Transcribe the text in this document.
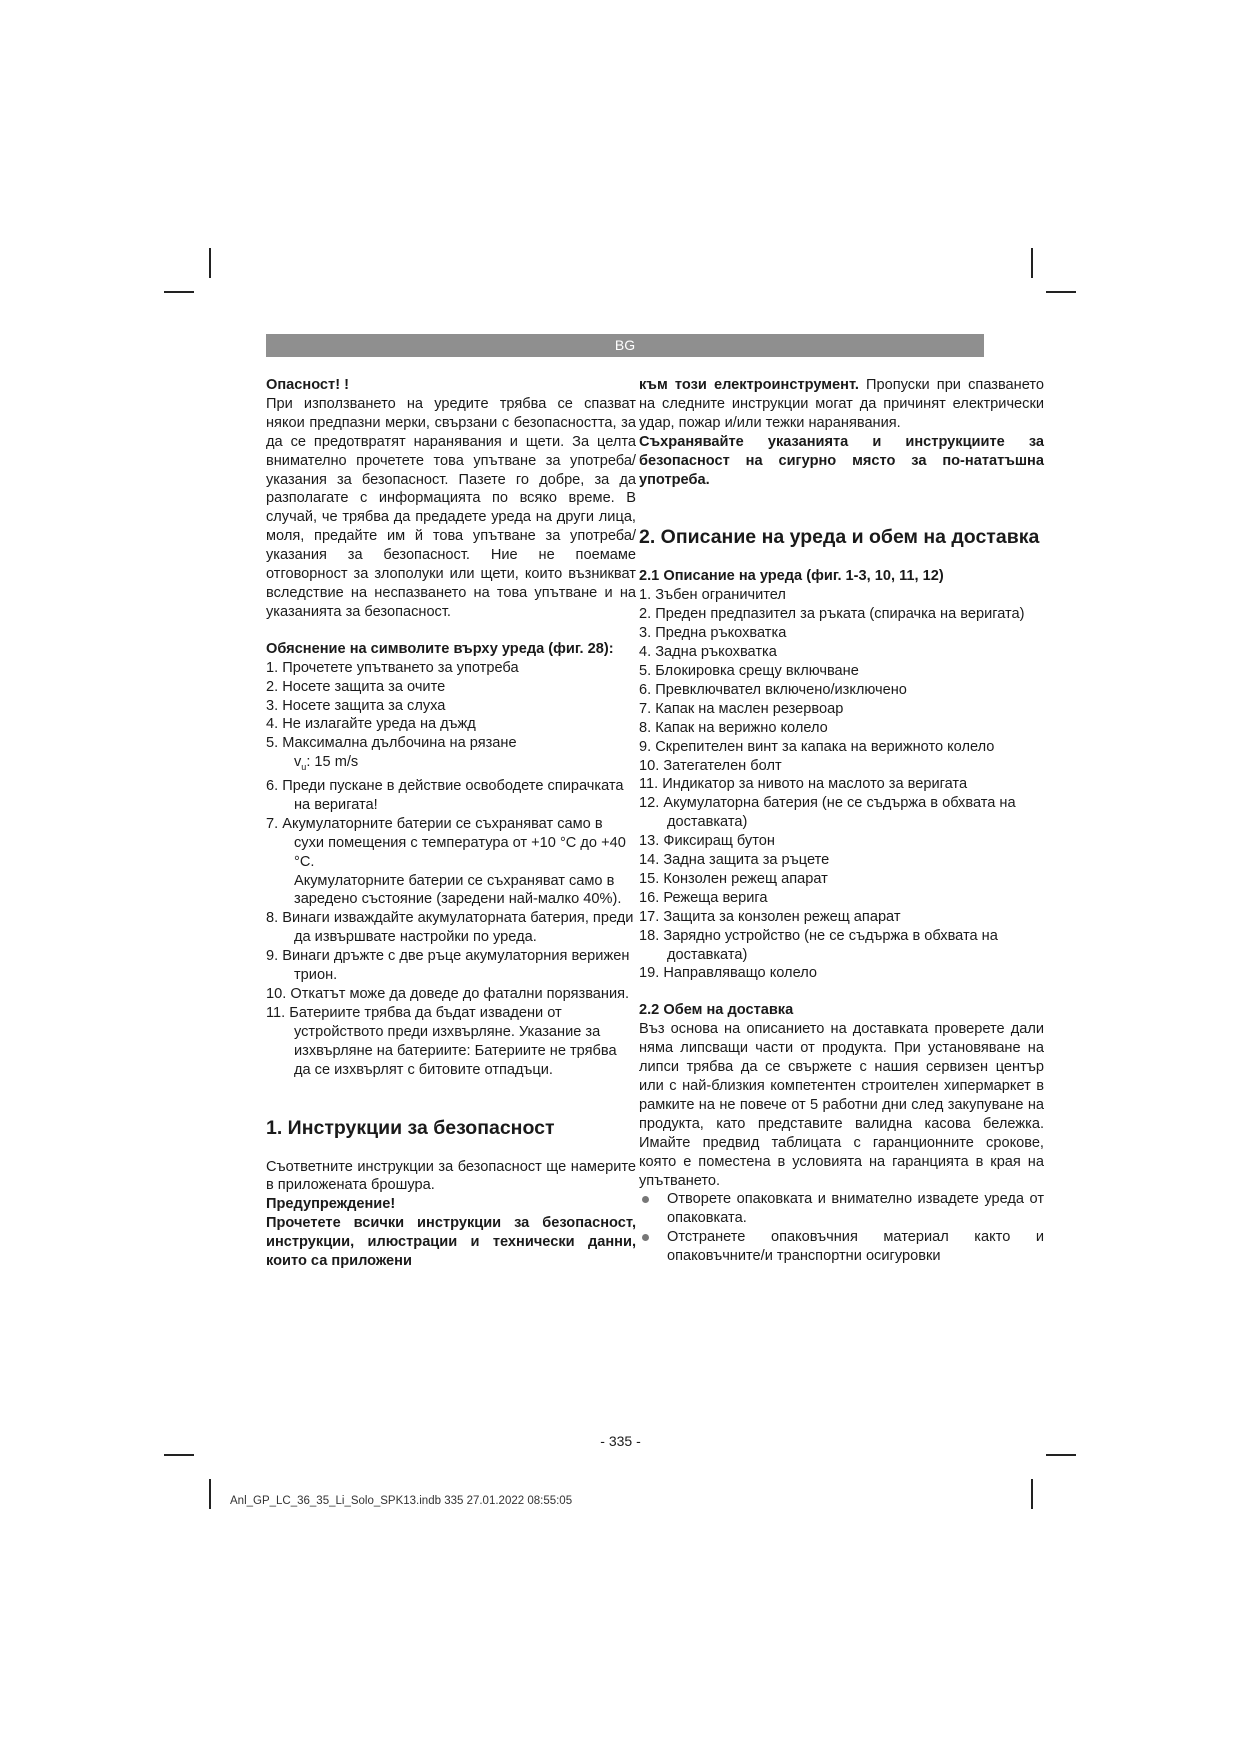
BG

Опасност! !

При използването на уредите трябва се спазват някои предпазни мерки, свързани с безопасността, за да се предотвратят наранявания и щети. За целта внимателно прочетете това упътване за употреба/ указания за безопасност. Пазете го добре, за да разполагате с информацията по всяко време. В случай, че трябва да предадете уреда на други лица, моля, предайте им й това упътване за употреба/указания за безопасност. Ние не поемаме отговорност за злополуки или щети, които възникват вследствие на неспазването на това упътване и на указанията за безопасност.

Обяснение на символите върху уреда (фиг. 28):

1. Прочетете упътването за употреба
2. Носете защита за очите
3. Носете защита за слуха
4. Не излагайте уреда на дъжд
5. Максимална дълбочина на рязане
$v_u$: 15 m/s
6. Преди пускане в действие освободете спирачката на веригата!
7. Акумулаторните батерии се съхраняват само в сухи помещения с температура от +10 °C до +40 °C.
Акумулаторните батерии се съхраняват само в заредено състояние (заредени най-малко 40%).
8. Винаги изваждайте акумулаторната батерия, преди да извършвате настройки по уреда.
9. Винаги дръжте с две ръце акумулаторния верижен трион.
10. Откатът може да доведе до фатални порязвания.
11. Батериите трябва да бъдат извадени от устройството преди изхвърляне. Указание за изхвърляне на батериите: Батериите не трябва да се изхвърлят с битовите отпадъци.
1. Инструкции за безопасност

Съответните инструкции за безопасност ще намерите в приложената брошура.

Предупреждение!

Прочетете всички инструкции за безопасност, инструкции, илюстрации и технически данни, които са приложени

към този електроинструмент. Пропуски при спазването на следните инструкции могат да причинят електрически удар, пожар и/или тежки наранявания.

Съхранявайте указанията и инструкциите за безопасност на сигурно място за по-нататъшна употреба.

2. Описание на уреда и обем на доставка
2.1 Описание на уреда (фиг. 1-3, 10, 11, 12)
1. Зъбен ограничител
2. Преден предпазител за ръката (спирачка на веригата)
3. Предна ръкохватка
4. Задна ръкохватка
5. Блокировка срещу включване
6. Превключвател включено/изключено
7. Капак на маслен резервоар
8. Капак на верижно колело
9. Скрепителен винт за капака на верижното колело
10. Затегателен болт
11. Индикатор за нивото на маслото за веригата
12. Акумулаторна батерия (не се съдържа в обхвата на доставката)
13. Фиксиращ бутон
14. Задна защита за ръцете
15. Конзолен режещ апарат
16. Режеща верига
17. Защита за конзолен режещ апарат
18. Зарядно устройство (не се съдържа в обхвата на доставката)
19. Направляващо колело
2.2 Обем на доставка

Въз основа на описанието на доставката проверете дали няма липсващи части от продукта. При установяване на липси трябва да се свържете с нашия сервизен център или с най-близкия компетентен строителен хипермаркет в рамките на не повече от 5 работни дни след закупуване на продукта, като представите валидна касова бележка. Имайте предвид таблицата с гаранционните срокове, която е поместена в условията на гаранцията в края на упътването.

Отворете опаковката и внимателно извадете уреда от опаковката.
Отстранете опаковъчния материал както и опаковъчните/и транспортни осигуровки
- 335 -
Anl_GP_LC_36_35_Li_Solo_SPK13.indb 335 27.01.2022 08:55:05
